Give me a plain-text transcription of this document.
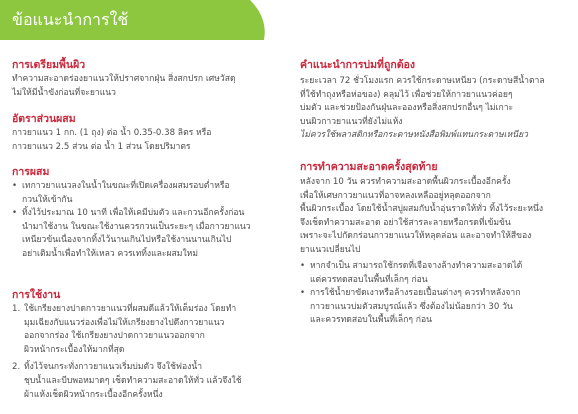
ข้อแนะนำการใช้
การเตรียมพื้นผิว
ทำความสะอาดร่องยาแนวให้ปราศจากฝุ่น สิ่งสกปรก เศษวัสดุ
ไม่ให้มีน้ำขังก่อนที่จะยาแนว
อัตราส่วนผสม
กาวยาแนว 1 กก. (1 ถุง) ต่อ น้ำ 0.35-0.38 ลิตร หรือ
กาวยาแนว 2.5 ส่วน ต่อ น้ำ 1 ส่วน โดยปริมาตร
การผสม
• เทกาวยาแนวลงในน้ำในขณะที่เปิดเครื่องผสมรอบต่ำหรือ
กวนให้เข้ากัน
• ทิ้งไว้ประมาณ 10 นาที เพื่อให้เคมีบ่มตัว และกวนอีกครั้งก่อน
นำมาใช้งาน ในขณะใช้งานควรกวนเป็นระยะๆ เมื่อกาวยาแนว
เหนียวข้นเนื่องจากทิ้งไว้นานเกินไปหรือใช้งานนานเกินไป
อย่าเติมน้ำเพื่อทำให้เหลว ควรเททิ้งและผสมใหม่
การใช้งาน
1. ใช้เกรียงยางปาดกาวยาแนวที่ผสมดีแล้วให้เต็มร่อง โดยทำ
มุมเฉียงกับแนวร่องเพื่อไม่ให้เกรียงยางไปดึงกาวยาแนว
ออกจากร่อง ใช้เกรียงยางปาดกาวยาแนวออกจาก
ผิวหน้ากระเบื้องให้มากที่สุด
2. ทิ้งไว้จนกระทั่งกาวยาแนวเริ่มบ่มตัว จึงใช้ฟองน้ำ
ชุบน้ำและบีบพอหมาดๆ เช็ดทำความสะอาดให้ทั่ว แล้วจึงใช้
ผ้าแห้งเช็ดผิวหน้ากระเบื้องอีกครั้งหนึ่ง
คำแนะนำการบ่มที่ถูกต้อง
ระยะเวลา 72 ชั่วโมงแรก ควรใช้กระดาษเหนียว (กระดาษสีน้ำตาล
ที่ใช้ทำถุงหรือห่อของ) คลุมไว้ เพื่อช่วยให้กาวยาแนวค่อยๆ
บ่มตัว และช่วยป้องกันฝุ่นละอองหรือสิ่งสกปรกอื่นๆ ไม่เกาะ
บนผิวกาวยาแนวที่ยังไม่แห้ง
ไม่ควรใช้พลาสติกหรือกระดาษหนังสือพิมพ์แทนกระดาษเหนียว
การทำความสะอาดครั้งสุดท้าย
หลังจาก 10 วัน ควรทำความสะอาดพื้นผิวกระเบื้องอีกครั้ง
เพื่อให้เศษกาวยาแนวที่อาจหลงเหลืออยู่หลุดออกจาก
พื้นผิวกระเบื้อง โดยใช้น้ำสบู่ผสมกับน้ำอุ่นราดให้ทั่ว ทิ้งไว้ระยะหนึ่ง
จึงเช็ดทำความสะอาด อย่าใช้สารละลายหรือกรดที่เข้มข้น
เพราะจะไปกัดกร่อนกาวยาแนวให้หลุดล่อน และอาจทำให้สีของ
ยาแนวเปลี่ยนไป
• หากจำเป็น สามารถใช้กรดที่เจือจางล้างทำความสะอาดได้
แต่ควรทดสอบในพื้นที่เล็กๆ ก่อน
• การใช้น้ำยาขัดเงาหรือล้างรอยเปื้อนต่างๆ ควรทำหลังจาก
กาวยาแนวบ่มตัวสมบูรณ์แล้ว ซึ่งต้องไม่น้อยกว่า 30 วัน
และควรทดสอบในพื้นที่เล็กๆ ก่อน
